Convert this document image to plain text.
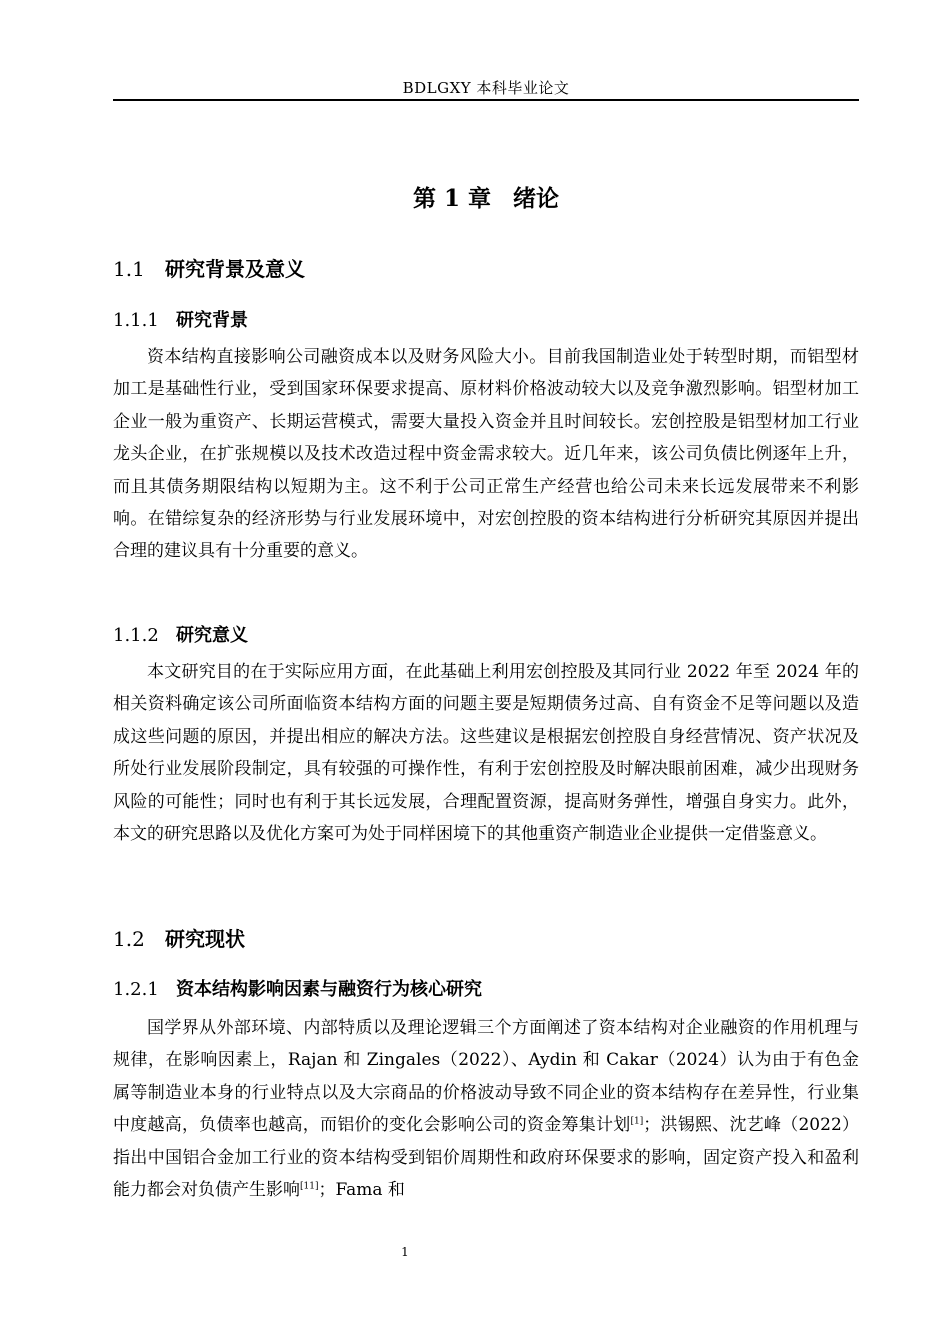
BDLGXY 本科毕业论文
第 1 章 绪论
1.1 研究背景及意义
1.1.1 研究背景

资本结构直接影响公司融资成本以及财务风险大小。目前我国制造业处于转型时期，而铝型材加工是基础性行业，受到国家环保要求提高、原材料价格波动较大以及竞争激烈影响。铝型材加工企业一般为重资产、长期运营模式，需要大量投入资金并且时间较长。宏创控股是铝型材加工行业龙头企业，在扩张规模以及技术改造过程中资金需求较大。近几年来，该公司负债比例逐年上升，而且其债务期限结构以短期为主。这不利于公司正常生产经营也给公司未来长远发展带来不利影响。在错综复杂的经济形势与行业发展环境中，对宏创控股的资本结构进行分析研究其原因并提出合理的建议具有十分重要的意义。

1.1.2 研究意义

本文研究目的在于实际应用方面，在此基础上利用宏创控股及其同行业 2022 年至 2024 年的相关资料确定该公司所面临资本结构方面的问题主要是短期债务过高、自有资金不足等问题以及造成这些问题的原因，并提出相应的解决方法。这些建议是根据宏创控股自身经营情况、资产状况及所处行业发展阶段制定，具有较强的可操作性，有利于宏创控股及时解决眼前困难，减少出现财务风险的可能性；同时也有利于其长远发展，合理配置资源，提高财务弹性，增强自身实力。此外，本文的研究思路以及优化方案可为处于同样困境下的其他重资产制造业企业提供一定借鉴意义。

1.2 研究现状
1.2.1 资本结构影响因素与融资行为核心研究

国学界从外部环境、内部特质以及理论逻辑三个方面阐述了资本结构对企业融资的作用机理与规律，在影响因素上，Rajan 和 Zingales（2022）、Aydin 和 Cakar（2024）认为由于有色金属等制造业本身的行业特点以及大宗商品的价格波动导致不同企业的资本结构存在差异性，行业集中度越高，负债率也越高，而铝价的变化会影响公司的资金筹集计划[1]；洪锡熙、沈艺峰（2022）指出中国铝合金加工行业的资本结构受到铝价周期性和政府环保要求的影响，固定资产投入和盈利能力都会对负债产生影响[11]；Fama 和

1
